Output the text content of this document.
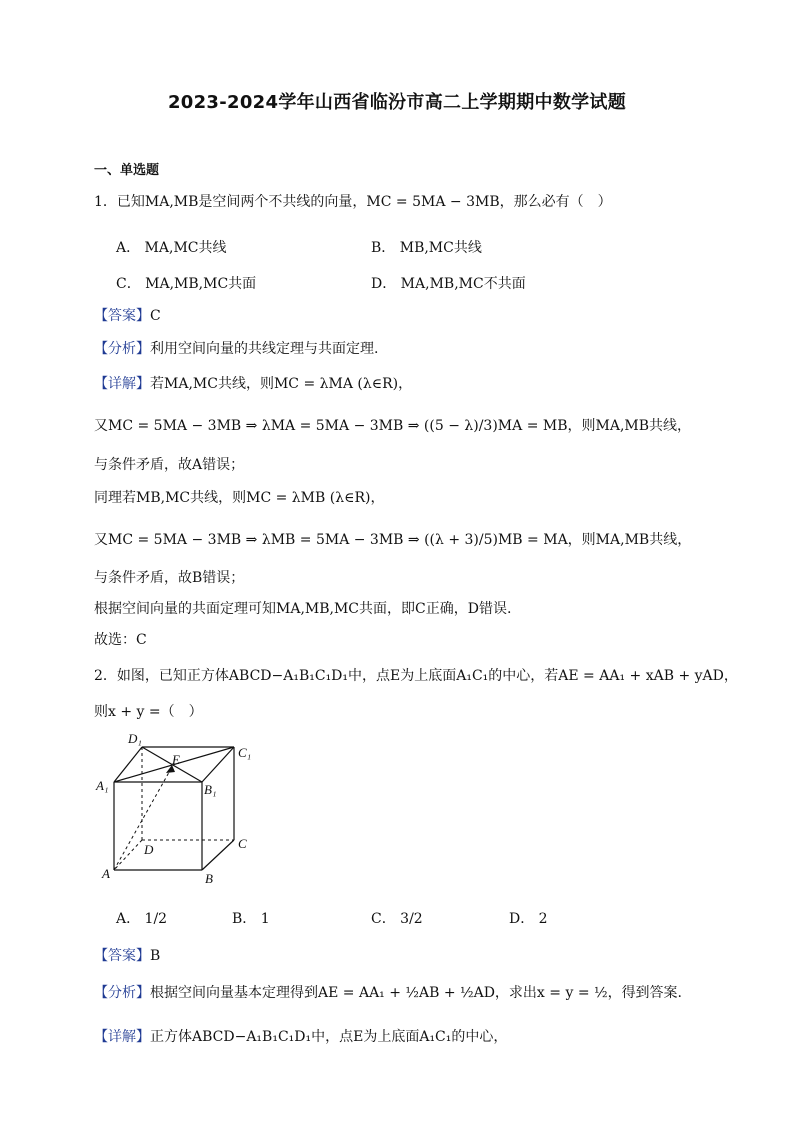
2023-2024学年山西省临汾市高二上学期期中数学试题
一、单选题
1．已知MA,MB是空间两个不共线的向量，MC = 5MA − 3MB，那么必有（　）
A． MA,MC共线	B． MB,MC共线
C． MA,MB,MC共面	D． MA,MB,MC不共面
【答案】C
【分析】利用空间向量的共线定理与共面定理.
【详解】若MA,MC共线，则MC = λMA (λ∈R)，
又MC = 5MA − 3MB ⇒ λMA = 5MA − 3MB ⇒ ((5 − λ)/3)MA = MB，则MA,MB共线，
与条件矛盾，故A错误；
同理若MB,MC共线，则MC = λMB (λ∈R)，
又MC = 5MA − 3MB ⇒ λMB = 5MA − 3MB ⇒ ((λ + 3)/5)MB = MA，则MA,MB共线，
与条件矛盾，故B错误；
根据空间向量的共面定理可知MA,MB,MC共面，即C正确，D错误.
故选：C
2．如图，已知正方体ABCD−A₁B₁C₁D₁中，点E为上底面A₁C₁的中心，若AE = AA₁ + xAB + yAD，
则x + y =（　）
D₁
C₁
E
A₁	B₁
D	C
A	B
A． 1/2	B． 1	C． 3/2	D． 2
【答案】B
【分析】根据空间向量基本定理得到AE = AA₁ + ½AB + ½AD，求出x = y = ½，得到答案.
【详解】正方体ABCD−A₁B₁C₁D₁中，点E为上底面A₁C₁的中心，
